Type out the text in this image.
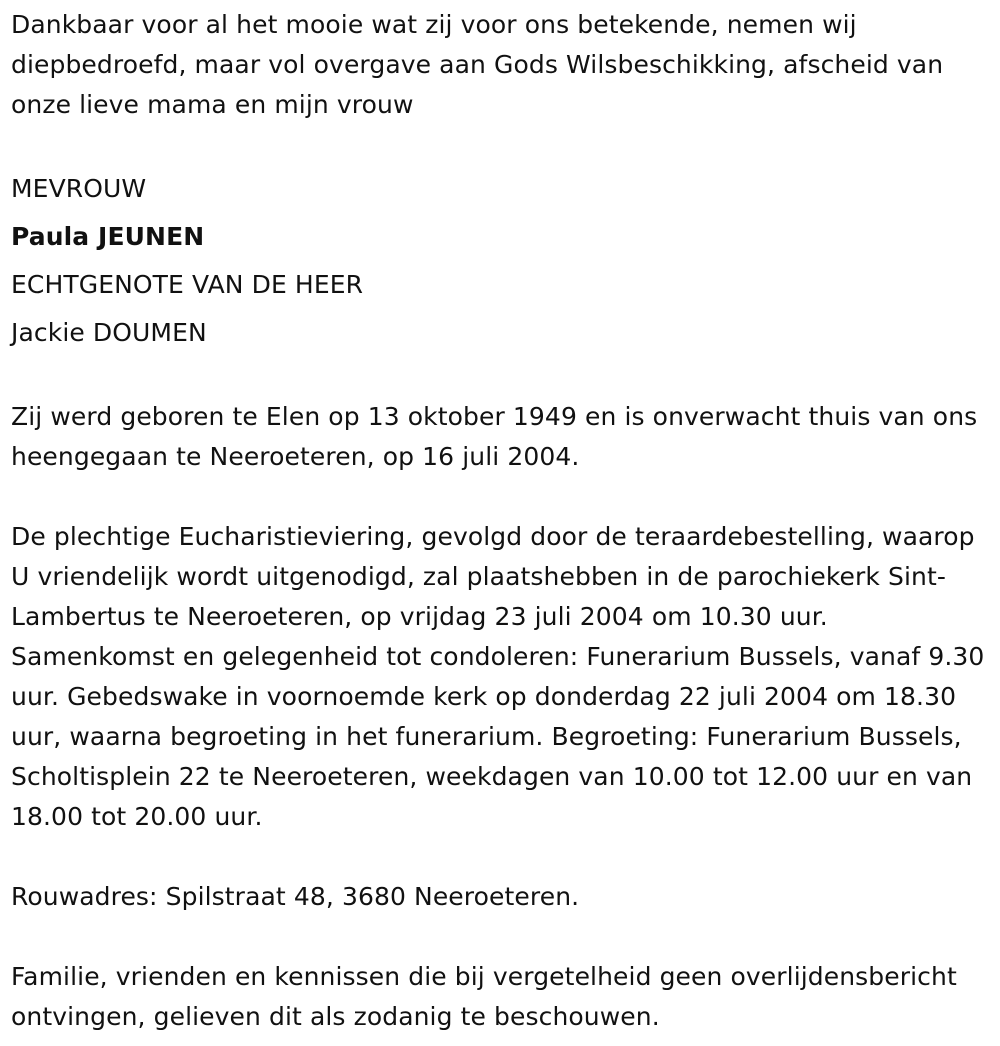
Dankbaar voor al het mooie wat zij voor ons betekende, nemen wij diepbedroefd, maar vol overgave aan Gods Wilsbeschikking, afscheid van onze lieve mama en mijn vrouw

MEVROUW

Paula JEUNEN

ECHTGENOTE VAN DE HEER

Jackie DOUMEN

Zij werd geboren te Elen op 13 oktober 1949 en is onverwacht thuis van ons heengegaan te Neeroeteren, op 16 juli 2004.

De plechtige Eucharistieviering, gevolgd door de teraardebestelling, waarop U vriendelijk wordt uitgenodigd, zal plaatshebben in de parochiekerk Sint-Lambertus te Neeroeteren, op vrijdag 23 juli 2004 om 10.30 uur. Samenkomst en gelegenheid tot condoleren: Funerarium Bussels, vanaf 9.30 uur. Gebedswake in voornoemde kerk op donderdag 22 juli 2004 om 18.30 uur, waarna begroeting in het funerarium. Begroeting: Funerarium Bussels, Scholtisplein 22 te Neeroeteren, weekdagen van 10.00 tot 12.00 uur en van 18.00 tot 20.00 uur.

Rouwadres: Spilstraat 48, 3680 Neeroeteren.

Familie, vrienden en kennissen die bij vergetelheid geen overlijdensbericht ontvingen, gelieven dit als zodanig te beschouwen.
